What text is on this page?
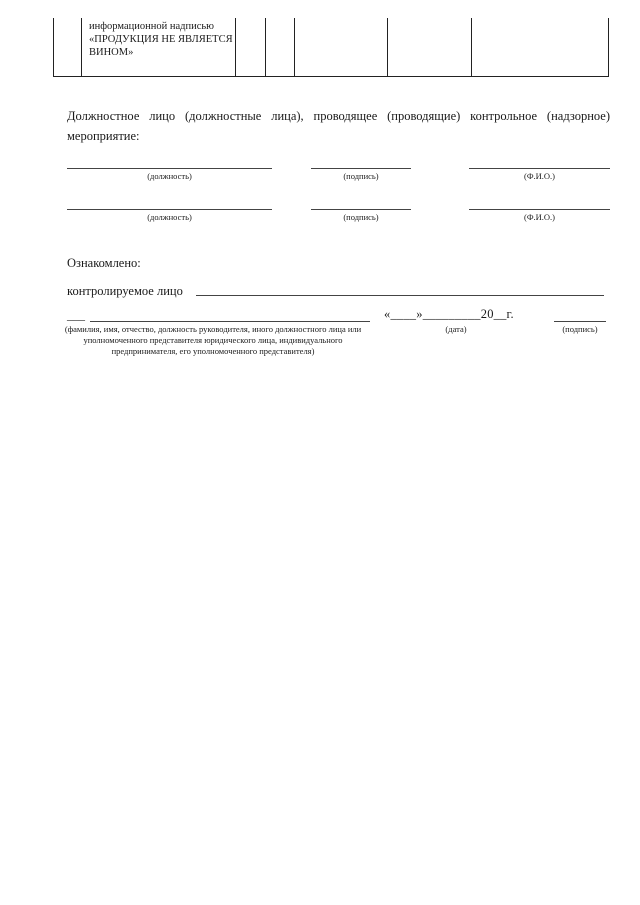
информационной надписью «ПРОДУКЦИЯ НЕ ЯВЛЯЕТСЯ ВИНОМ»
Должностное лицо (должностные лица), проводящее (проводящие) контрольное (надзорное) мероприятие:
(должность)	(подпись)	(Ф.И.О.)
(должность)	(подпись)	(Ф.И.О.)
Ознакомлено:
контролируемое лицо
___	«____»_________20__г.
(фамилия, имя, отчество, должность руководителя, иного должностного лица или уполномоченного представителя юридического лица, индивидуального предпринимателя, его уполномоченного представителя)
(дата)	(подпись)
